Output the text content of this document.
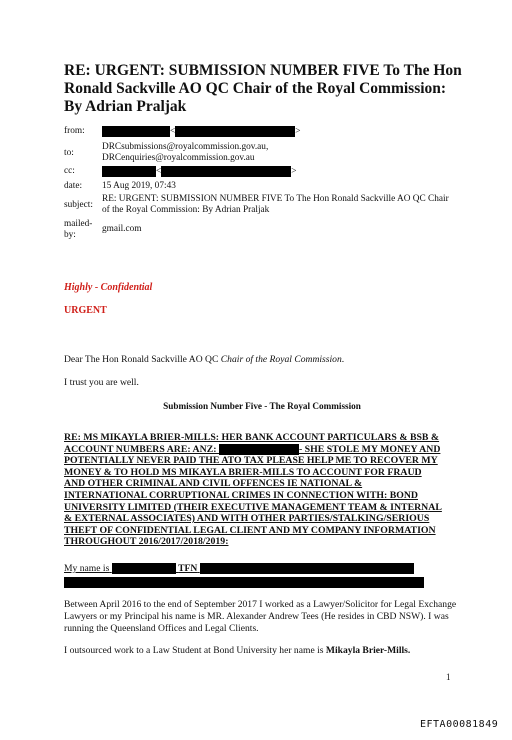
RE: URGENT: SUBMISSION NUMBER FIVE To The Hon Ronald Sackville AO QC Chair of the Royal Commission: By Adrian Praljak
from:	<	>
to:
DRCsubmissions@royalcommission.gov.au,
DRCenquiries@royalcommission.gov.au
cc:	<	>
date:	15 Aug 2019, 07:43
subject:
RE: URGENT: SUBMISSION NUMBER FIVE To The Hon Ronald Sackville AO QC Chair of the Royal Commission: By Adrian Praljak
mailed-
by:
gmail.com
Highly - Confidential
URGENT
Dear The Hon Ronald Sackville AO QC Chair of the Royal Commission.
I trust you are well.
Submission Number Five - The Royal Commission
RE: MS MIKAYLA BRIER-MILLS: HER BANK ACCOUNT PARTICULARS & BSB & ACCOUNT NUMBERS ARE: ANZ:	- SHE STOLE MY MONEY AND POTENTIALLY NEVER PAID THE ATO TAX PLEASE HELP ME TO RECOVER MY MONEY & TO HOLD MS MIKAYLA BRIER-MILLS TO ACCOUNT FOR FRAUD AND OTHER CRIMINAL AND CIVIL OFFENCES IE NATIONAL & INTERNATIONAL CORRUPTIONAL CRIMES IN CONNECTION WITH: BOND UNIVERSITY LIMITED (THEIR EXECUTIVE MANAGEMENT TEAM & INTERNAL & EXTERNAL ASSOCIATES) AND WITH OTHER PARTIES/STALKING/SERIOUS THEFT OF CONFIDENTIAL LEGAL CLIENT AND MY COMPANY INFORMATION THROUGHOUT 2016/2017/2018/2019:
My name is	TFN
Between April 2016 to the end of September 2017 I worked as a Lawyer/Solicitor for Legal Exchange Lawyers or my Principal his name is MR. Alexander Andrew Tees (He resides in CBD NSW). I was running the Queensland Offices and Legal Clients.
I outsourced work to a Law Student at Bond University her name is Mikayla Brier-Mills.
1
EFTA00081849
